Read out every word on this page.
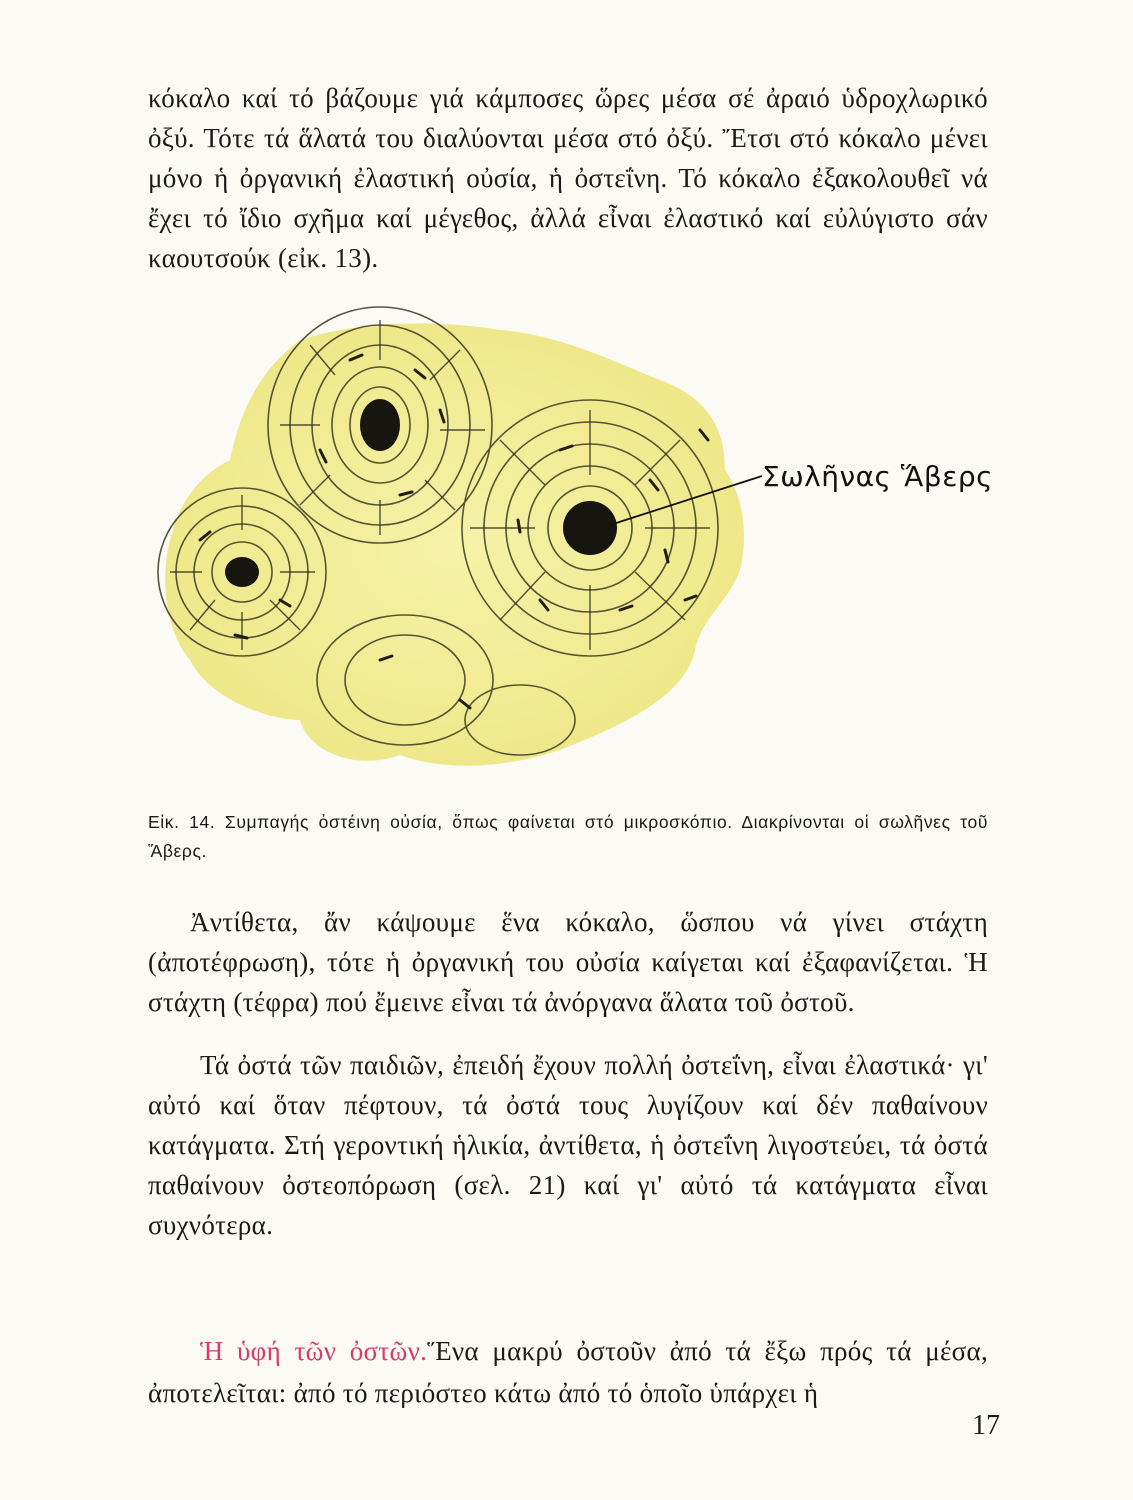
κόκαλο καί τό βάζουμε γιά κάμποσες ὥρες μέσα σέ ἀραιό ὑδροχλωρικό ὀξύ. Τότε τά ἅλατά του διαλύονται μέσα στό ὀξύ. Ἔτσι στό κόκαλο μένει μόνο ἡ ὀργανική ἐλαστική οὐσία, ἡ ὀστεΐνη. Τό κόκαλο ἐξακολουθεῖ νά ἔχει τό ἴδιο σχῆμα καί μέγεθος, ἀλλά εἶναι ἐλαστικό καί εὐλύγιστο σάν καουτσούκ (εἰκ. 13).

Σωλῆνας Ἅβερς

Εἰκ. 14. Συμπαγής ὀστέινη οὐσία, ὅπως φαίνεται στό μικροσκόπιο. Διακρίνονται οἱ σωλῆνες τοῦ Ἅβερς.

Ἀντίθετα, ἄν κάψουμε ἕνα κόκαλο, ὥσπου νά γίνει στάχτη (ἀποτέφρωση), τότε ἡ ὀργανική του οὐσία καίγεται καί ἐξαφανίζεται. Ἡ στάχτη (τέφρα) πού ἔμεινε εἶναι τά ἀνόργανα ἅλατα τοῦ ὀστοῦ.

Τά ὀστά τῶν παιδιῶν, ἐπειδή ἔχουν πολλή ὀστεΐνη, εἶναι ἐλαστικά· γι' αὐτό καί ὅταν πέφτουν, τά ὀστά τους λυγίζουν καί δέν παθαίνουν κατάγματα. Στή γεροντική ἡλικία, ἀντίθετα, ἡ ὀστεΐνη λιγοστεύει, τά ὀστά παθαίνουν ὀστεοπόρωση (σελ. 21) καί γι' αὐτό τά κατάγματα εἶναι συχνότερα.

Ἡ ὑφή τῶν ὀστῶν.Ἕνα μακρύ ὀστοῦν ἀπό τά ἔξω πρός τά μέσα, ἀποτελεῖται: ἀπό τό περιόστεο κάτω ἀπό τό ὁποῖο ὑπάρχει ἡ

17
